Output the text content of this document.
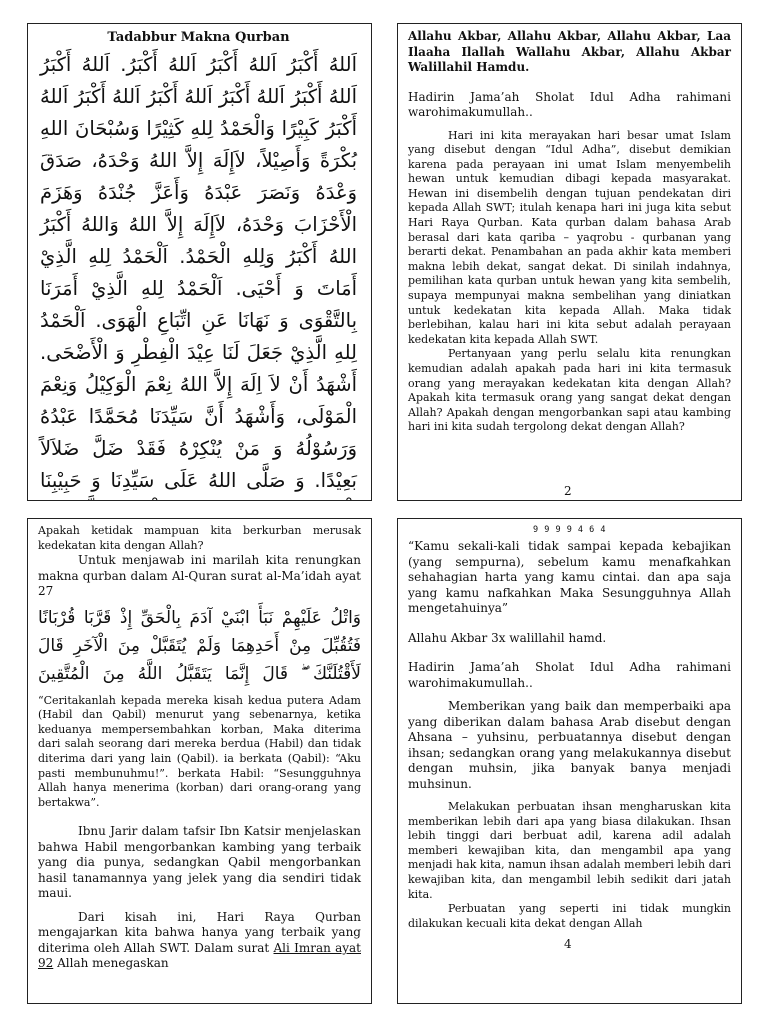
Tadabbur Makna Qurban

اَللهُ أَكْبَرُ اَللهُ أَكْبَرُ اَللهُ أَكْبَرُ. اَللهُ أَكْبَرُ اَللهُ أَكْبَرُ اَللهُ أَكْبَرُ اَللهُ أَكْبَرُ اَللهُ أَكْبَرُ اَللهُ أَكْبَرُ كَبِيْرًا وَالْحَمْدُ لِلهِ كَثِيْرًا وَسُبْحَانَ اللهِ بُكْرَةً وَأَصِيْلاً، لاَإِلَهَ إِلاَّ اللهُ وَحْدَهُ، صَدَقَ وَعْدَهُ وَنَصَرَ عَبْدَهُ وَأَعَزَّ جُنْدَهُ وَهَزَمَ الْأَحْزَابَ وَحْدَهُ، لاَإِلَهَ إِلاَّ اللهُ وَاللهُ أَكْبَرُ اللهُ أَكْبَرُ وَلِلهِ الْحَمْدُ. اَلْحَمْدُ لِلهِ الَّذِيْ أَمَاتَ وَ أَحْيَى. اَلْحَمْدُ لِلهِ الَّذِيْ أَمَرَنَا بِالتَّقْوَى وَ نَهَانَا عَنِ اتِّبَاعِ الْهَوَى. اَلْحَمْدُ لِلهِ الَّذِيْ جَعَلَ لَنَا عِيْدَ الْفِطْرِ وَ الْأَضْحَى. أَشْهَدُ أَنْ لاَ اِلَهَ إِلاَّ اللهُ نِعْمَ الْوَكِيْلُ وَنِعْمَ الْمَوْلَى، وَأَشْهَدُ أَنَّ سَيِّدَنَا مُحَمَّدًا عَبْدُهُ وَرَسُوْلُهُ وَ مَنْ يُنْكِرْهُ فَقَدْ ضَلَّ ضَلاَلاً بَعِيْدًا. وَ صَلَّى اللهُ عَلَى سَيِّدِنَا وَ حَبِيْبِنَا

Allahu Akbar, Allahu Akbar, Allahu Akbar, Laa Ilaaha Ilallah Wallahu Akbar, Allahu Akbar Walillahil Hamdu.

Hadirin Jama’ah Sholat Idul Adha rahimani warohimakumullah..

Hari ini kita merayakan hari besar umat Islam yang disebut dengan “Idul Adha”, disebut demikian karena pada perayaan ini umat Islam menyembelih hewan untuk kemudian dibagi kepada masyarakat. Hewan ini disembelih dengan tujuan pendekatan diri kepada Allah SWT; itulah kenapa hari ini juga kita sebut Hari Raya Qurban. Kata qurban dalam bahasa Arab berasal dari kata qariba – yaqrobu - qurbanan yang berarti dekat. Penambahan an pada akhir kata memberi makna lebih dekat, sangat dekat. Di sinilah indahnya, pemilihan kata qurban untuk hewan yang kita sembelih, supaya mempunyai makna sembelihan yang diniatkan untuk kedekatan kita kepada Allah. Maka tidak berlebihan, kalau hari ini kita sebut adalah perayaan kedekatan kita kepada Allah SWT.

Pertanyaan yang perlu selalu kita renungkan kemudian adalah apakah pada hari ini kita termasuk orang yang merayakan kedekatan kita dengan Allah? Apakah kita termasuk orang yang sangat dekat dengan Allah? Apakah dengan mengorbankan sapi atau kambing hari ini kita sudah tergolong dekat dengan Allah?

2

Apakah ketidak mampuan kita berkurban merusak kedekatan kita dengan Allah?

Untuk menjawab ini marilah kita renungkan makna qurban dalam Al-Quran surat al-Ma’idah ayat 27

وَاتْلُ عَلَيْهِمْ نَبَأَ ابْنَيْ آدَمَ بِالْحَقِّ إِذْ قَرَّبَا قُرْبَانًا فَتُقُبِّلَ مِنْ أَحَدِهِمَا وَلَمْ يُتَقَبَّلْ مِنَ الْآخَرِ قَالَ لَأَقْتُلَنَّكَ ۖ قَالَ إِنَّمَا يَتَقَبَّلُ اللَّهُ مِنَ الْمُتَّقِينَ

“Ceritakanlah kepada mereka kisah kedua putera Adam (Habil dan Qabil) menurut yang sebenarnya, ketika keduanya mempersembahkan korban, Maka diterima dari salah seorang dari mereka berdua (Habil) dan tidak diterima dari yang lain (Qabil). ia berkata (Qabil): “Aku pasti membunuhmu!”. berkata Habil: “Sesungguhnya Allah hanya menerima (korban) dari orang-orang yang bertakwa”.

Ibnu Jarir dalam tafsir Ibn Katsir menjelaskan bahwa Habil mengorbankan kambing yang terbaik yang dia punya, sedangkan Qabil mengorbankan hasil tanamannya yang jelek yang dia sendiri tidak maui.

Dari kisah ini, Hari Raya Qurban mengajarkan kita bahwa hanya yang terbaik yang diterima oleh Allah SWT. Dalam surat Ali Imran ayat 92 Allah menegaskan

9 9 9 9 4 6 4

“Kamu sekali-kali tidak sampai kepada kebajikan (yang sempurna), sebelum kamu menafkahkan sehahagian harta yang kamu cintai. dan apa saja yang kamu nafkahkan Maka Sesungguhnya Allah mengetahuinya”

Allahu Akbar 3x walillahil hamd.

Hadirin Jama’ah Sholat Idul Adha rahimani warohimakumullah..

Memberikan yang baik dan memperbaiki apa yang diberikan dalam bahasa Arab disebut dengan Ahsana – yuhsinu, perbuatannya disebut dengan ihsan; sedangkan orang yang melakukannya disebut dengan muhsin, jika banyak banya menjadi muhsinun.

Melakukan perbuatan ihsan mengharuskan kita memberikan lebih dari apa yang biasa dilakukan. Ihsan lebih tinggi dari berbuat adil, karena adil adalah memberi kewajiban kita, dan mengambil apa yang menjadi hak kita, namun ihsan adalah memberi lebih dari kewajiban kita, dan mengambil lebih sedikit dari jatah kita.

Perbuatan yang seperti ini tidak mungkin dilakukan kecuali kita dekat dengan Allah

4
